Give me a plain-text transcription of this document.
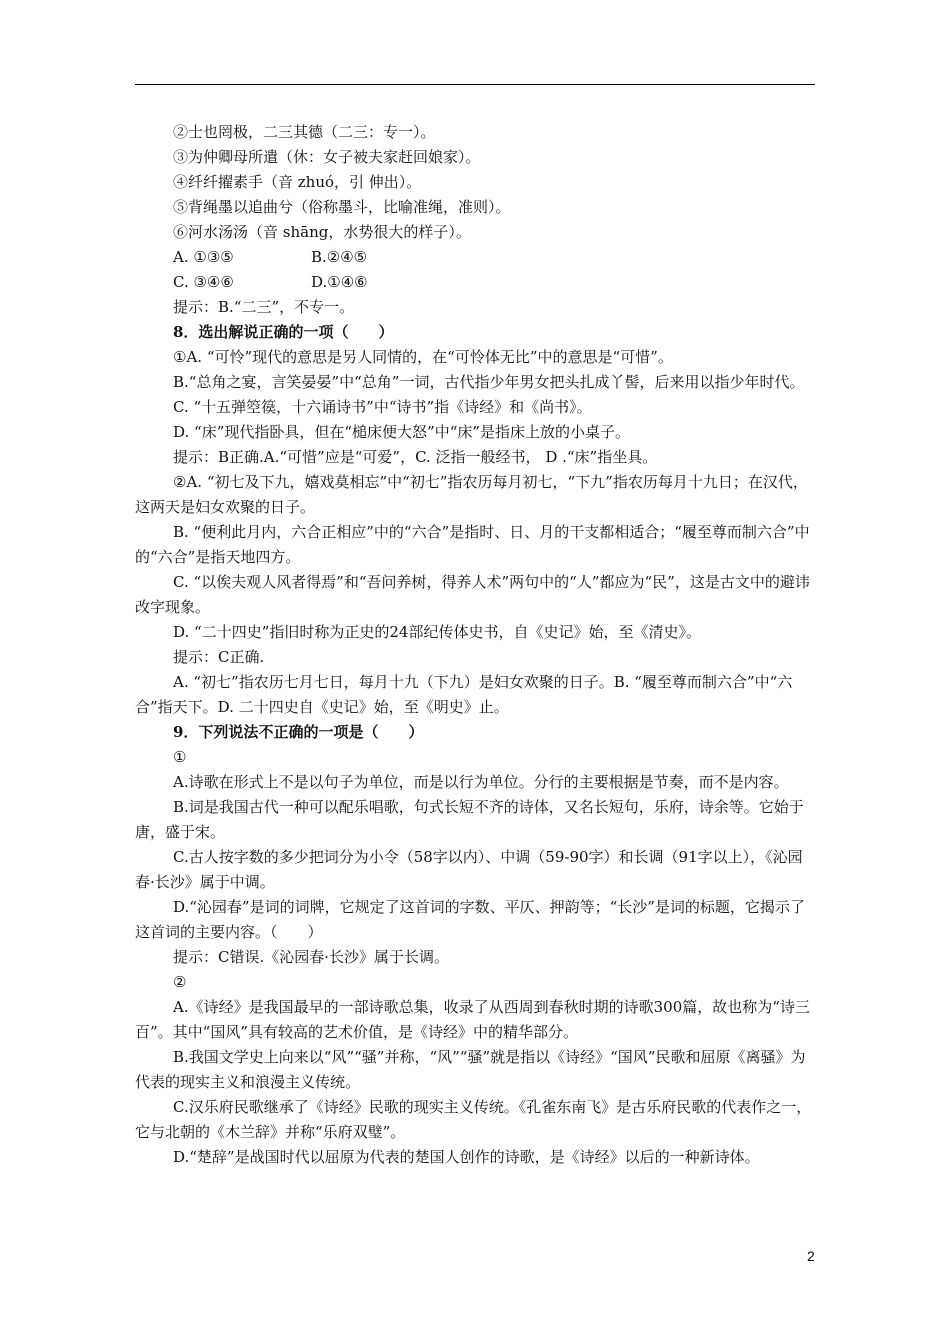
②士也罔极，二三其德（二三：专一）。

③为仲卿母所遣（休：女子被夫家赶回娘家）。

④纤纤擢素手（音 zhuó，引 伸出）。

⑤背绳墨以追曲兮（俗称墨斗，比喻准绳，准则）。

⑥河水汤汤（音 shāng，水势很大的样子）。

A. ①③⑤	B.②④⑤
C. ③④⑥	D.①④⑥

提示：B.“二三”，不专一。

8．选出解说正确的一项（　　）

①A. “可怜”现代的意思是另人同情的，在“可怜体无比”中的意思是“可惜”。

B.“总角之宴，言笑晏晏”中“总角”一词，古代指少年男女把头扎成丫髻，后来用以指少年时代。

C. “十五弹箜篌，十六诵诗书”中“诗书”指《诗经》和《尚书》。

D. “床”现代指卧具，但在“槌床便大怒”中“床”是指床上放的小桌子。

提示：B正确.A.“可惜”应是“可爱”，C. 泛指一般经书， D .“床”指坐具。

②A. “初七及下九，嬉戏莫相忘”中“初七”指农历每月初七，“下九”指农历每月十九日；在汉代，这两天是妇女欢聚的日子。

B. “便利此月内，六合正相应”中的“六合”是指时、日、月的干支都相适合；“履至尊而制六合”中的“六合”是指天地四方。

C. “以俟夫观人风者得焉”和“吾问养树，得养人术”两句中的“人”都应为“民”，这是古文中的避讳改字现象。

D. “二十四史”指旧时称为正史的24部纪传体史书，自《史记》始，至《清史》。

提示：C正确.

A. “初七”指农历七月七日，每月十九（下九）是妇女欢聚的日子。B. “履至尊而制六合”中“六合”指天下。D. 二十四史自《史记》始，至《明史》止。

9．下列说法不正确的一项是（　　）

①

A.诗歌在形式上不是以句子为单位，而是以行为单位。分行的主要根据是节奏，而不是内容。

B.词是我国古代一种可以配乐唱歌，句式长短不齐的诗体，又名长短句，乐府，诗余等。它始于唐，盛于宋。

C.古人按字数的多少把词分为小令（58字以内）、中调（59-90字）和长调（91字以上），《沁园春·长沙》属于中调。

D.“沁园春”是词的词牌，它规定了这首词的字数、平仄、押韵等；“长沙”是词的标题，它揭示了这首词的主要内容。（　　）

提示：C错误.《沁园春·长沙》属于长调。

②

A.《诗经》是我国最早的一部诗歌总集，收录了从西周到春秋时期的诗歌300篇，故也称为“诗三百”。其中“国风”具有较高的艺术价值，是《诗经》中的精华部分。

B.我国文学史上向来以“风”“骚”并称，“风”“骚”就是指以《诗经》“国风”民歌和屈原《离骚》为代表的现实主义和浪漫主义传统。

C.汉乐府民歌继承了《诗经》民歌的现实主义传统。《孔雀东南飞》是古乐府民歌的代表作之一，它与北朝的《木兰辞》并称“乐府双璧”。

D.“楚辞”是战国时代以屈原为代表的楚国人创作的诗歌，是《诗经》以后的一种新诗体。

2
